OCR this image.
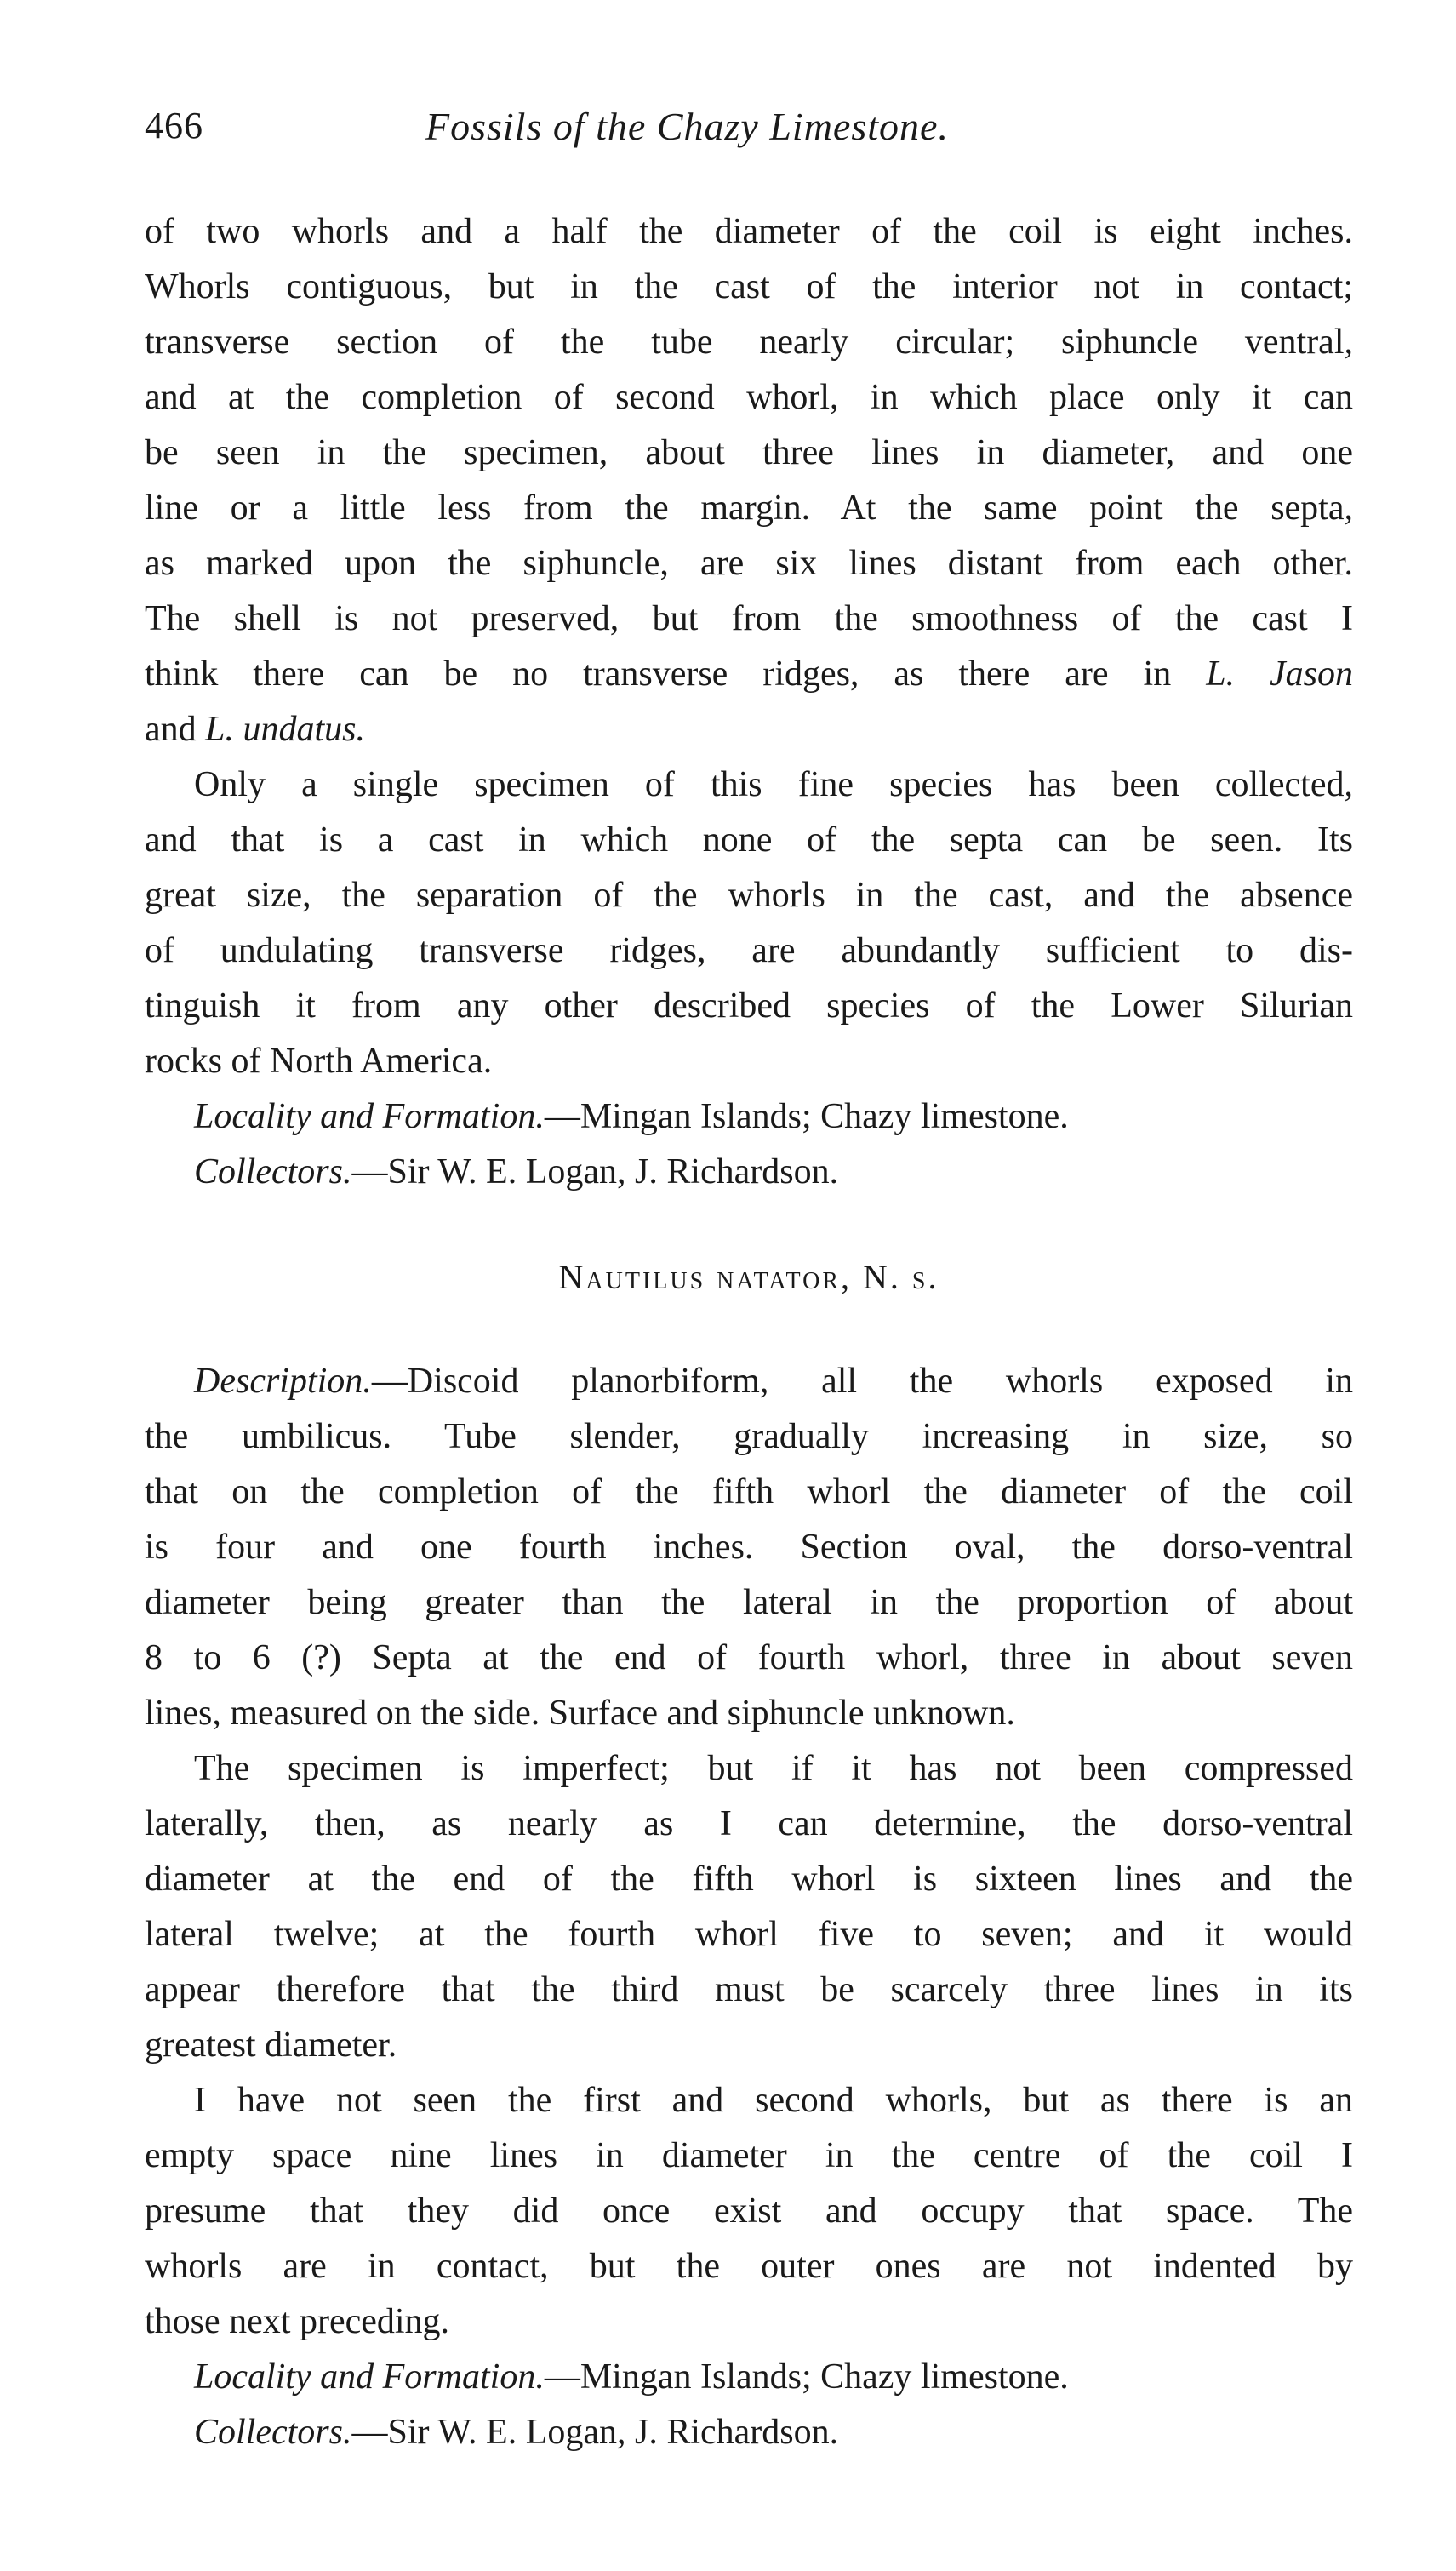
466	Fossils of the Chazy Limestone.
of two whorls and a half the diameter of the coil is eight inches.
Whorls contiguous, but in the cast of the interior not in contact;
transverse section of the tube nearly circular; siphuncle ventral,
and at the completion of second whorl, in which place only it can
be seen in the specimen, about three lines in diameter, and one
line or a little less from the margin. At the same point the septa,
as marked upon the siphuncle, are six lines distant from each other.
The shell is not preserved, but from the smoothness of the cast I
think there can be no transverse ridges, as there are in L. Jason
and L. undatus.
Only a single specimen of this fine species has been collected,
and that is a cast in which none of the septa can be seen. Its
great size, the separation of the whorls in the cast, and the absence
of undulating transverse ridges, are abundantly sufficient to dis-
tinguish it from any other described species of the Lower Silurian
rocks of North America.
Locality and Formation.—Mingan Islands; Chazy limestone.
Collectors.—Sir W. E. Logan, J. Richardson.
Nautilus natator, N. s.
Description.—Discoid planorbiform, all the whorls exposed in
the umbilicus. Tube slender, gradually increasing in size, so
that on the completion of the fifth whorl the diameter of the coil
is four and one fourth inches. Section oval, the dorso-ventral
diameter being greater than the lateral in the proportion of about
8 to 6 (?) Septa at the end of fourth whorl, three in about seven
lines, measured on the side. Surface and siphuncle unknown.
The specimen is imperfect; but if it has not been compressed
laterally, then, as nearly as I can determine, the dorso-ventral
diameter at the end of the fifth whorl is sixteen lines and the
lateral twelve; at the fourth whorl five to seven; and it would
appear therefore that the third must be scarcely three lines in its
greatest diameter.
I have not seen the first and second whorls, but as there is an
empty space nine lines in diameter in the centre of the coil I
presume that they did once exist and occupy that space. The
whorls are in contact, but the outer ones are not indented by
those next preceding.
Locality and Formation.—Mingan Islands; Chazy limestone.
Collectors.—Sir W. E. Logan, J. Richardson.
